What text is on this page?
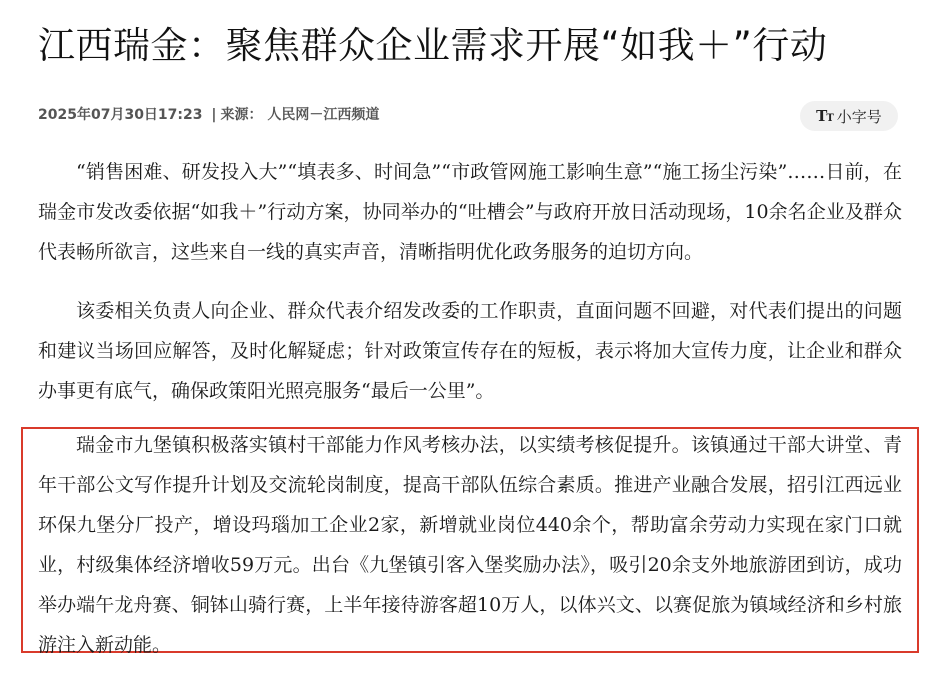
江西瑞金：聚焦群众企业需求开展“如我＋”行动
2025年07月30日17:23 | 来源： 人民网－江西频道	TT 小字号

“销售困难、研发投入大”“填表多、时间急”“市政管网施工影响生意”“施工扬尘污染”……日前，在瑞金市发改委依据“如我＋”行动方案，协同举办的“吐槽会”与政府开放日活动现场，10余名企业及群众代表畅所欲言，这些来自一线的真实声音，清晰指明优化政务服务的迫切方向。

该委相关负责人向企业、群众代表介绍发改委的工作职责，直面问题不回避，对代表们提出的问题和建议当场回应解答，及时化解疑虑；针对政策宣传存在的短板，表示将加大宣传力度，让企业和群众办事更有底气，确保政策阳光照亮服务“最后一公里”。

瑞金市九堡镇积极落实镇村干部能力作风考核办法，以实绩考核促提升。该镇通过干部大讲堂、青年干部公文写作提升计划及交流轮岗制度，提高干部队伍综合素质。推进产业融合发展，招引江西远业环保九堡分厂投产，增设玛瑙加工企业2家，新增就业岗位440余个，帮助富余劳动力实现在家门口就业，村级集体经济增收59万元。出台《九堡镇引客入堡奖励办法》，吸引20余支外地旅游团到访，成功举办端午龙舟赛、铜钵山骑行赛，上半年接待游客超10万人，以体兴文、以赛促旅为镇域经济和乡村旅游注入新动能。
